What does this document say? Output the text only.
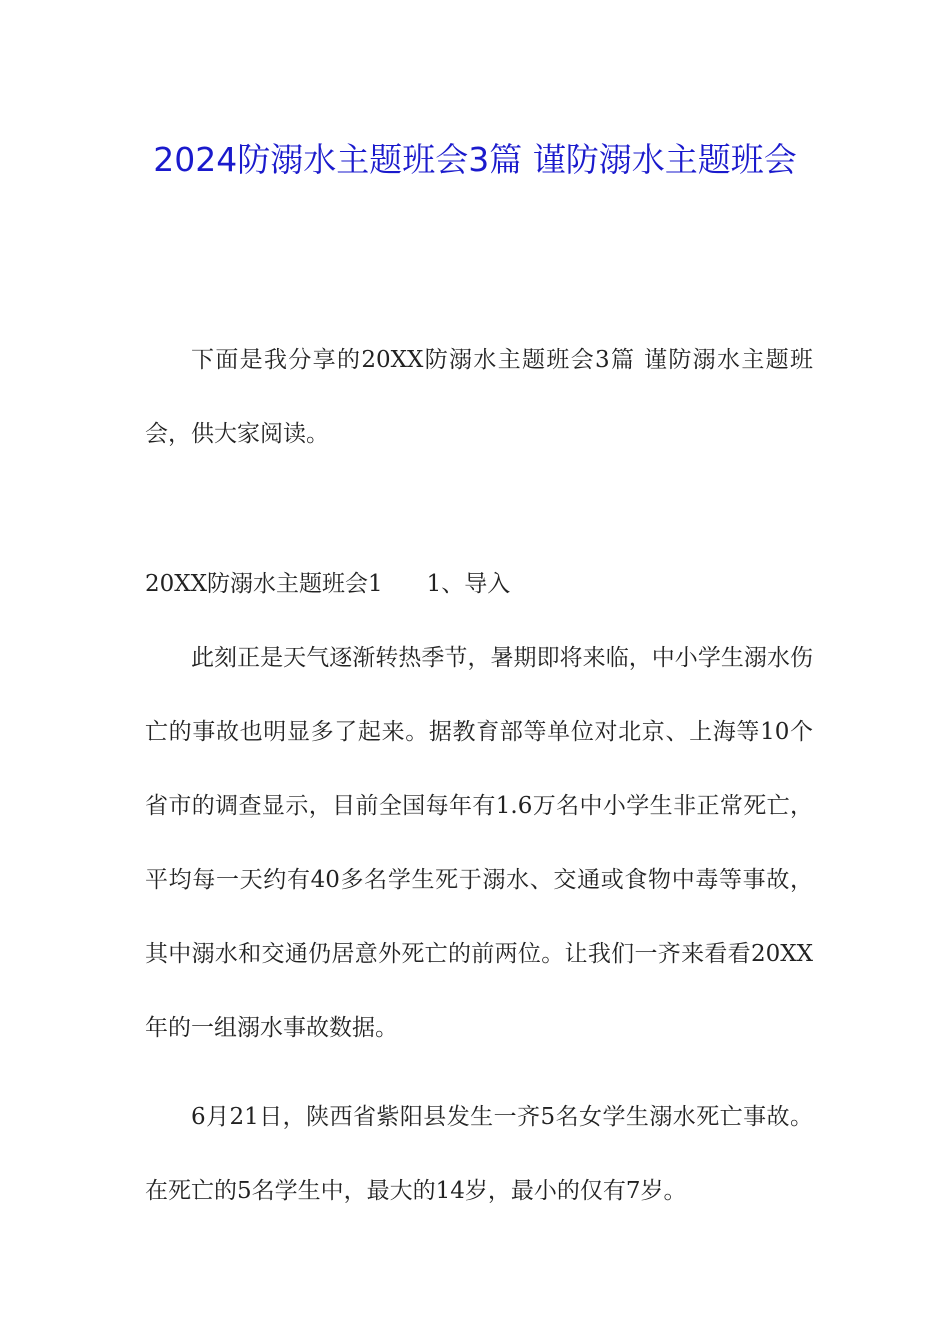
2024防溺水主题班会3篇 谨防溺水主题班会

下面是我分享的20XX防溺水主题班会3篇 谨防溺水主题班会，供大家阅读。

20XX防溺水主题班会1 1、导入

此刻正是天气逐渐转热季节，暑期即将来临，中小学生溺水伤亡的事故也明显多了起来。据教育部等单位对北京、上海等10个省市的调查显示，目前全国每年有1.6万名中小学生非正常死亡，平均每一天约有40多名学生死于溺水、交通或食物中毒等事故，其中溺水和交通仍居意外死亡的前两位。让我们一齐来看看20XX年的一组溺水事故数据。

6月21日，陕西省紫阳县发生一齐5名女学生溺水死亡事故。在死亡的5名学生中，最大的14岁，最小的仅有7岁。
